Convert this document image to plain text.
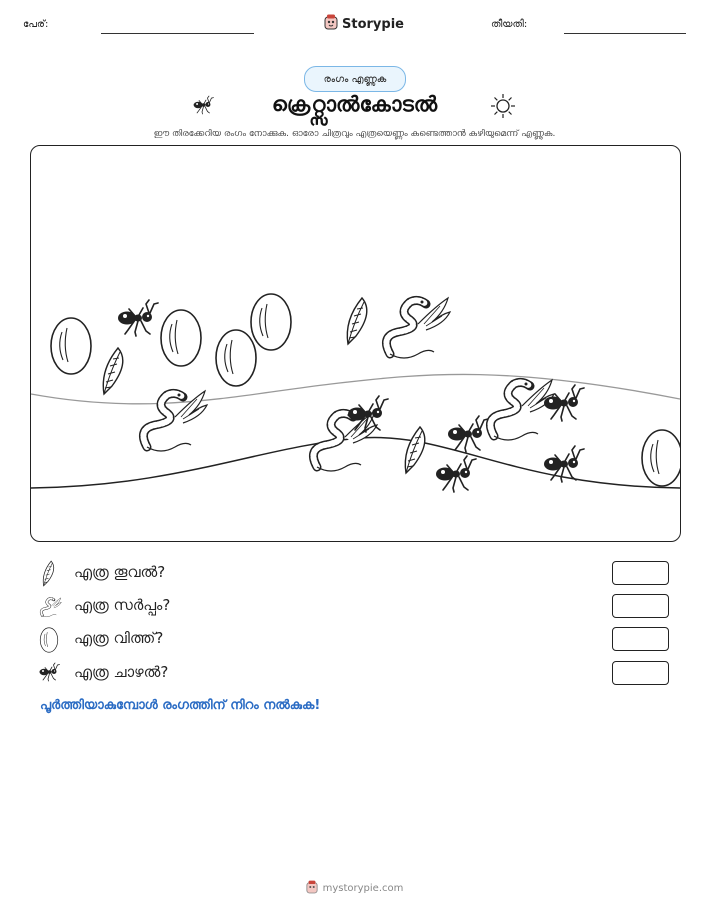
പേര്:	Storypie	തീയതി:
രംഗം എണ്ണുക
ക്രെറ്റ്സാൽകോടൽ
ഈ തിരക്കേറിയ രംഗം നോക്കുക. ഓരോ ചിത്രവും എത്രയെണ്ണം കണ്ടെത്താൻ കഴിയുമെന്ന് എണ്ണുക.
എത്ര തൂവൽ?
എത്ര സർപ്പം?
എത്ര വിത്ത്?
എത്ര ചാഴൽ?
പൂർത്തിയാകുമ്പോൾ രംഗത്തിന് നിറം നൽകുക!
mystorypie.com
